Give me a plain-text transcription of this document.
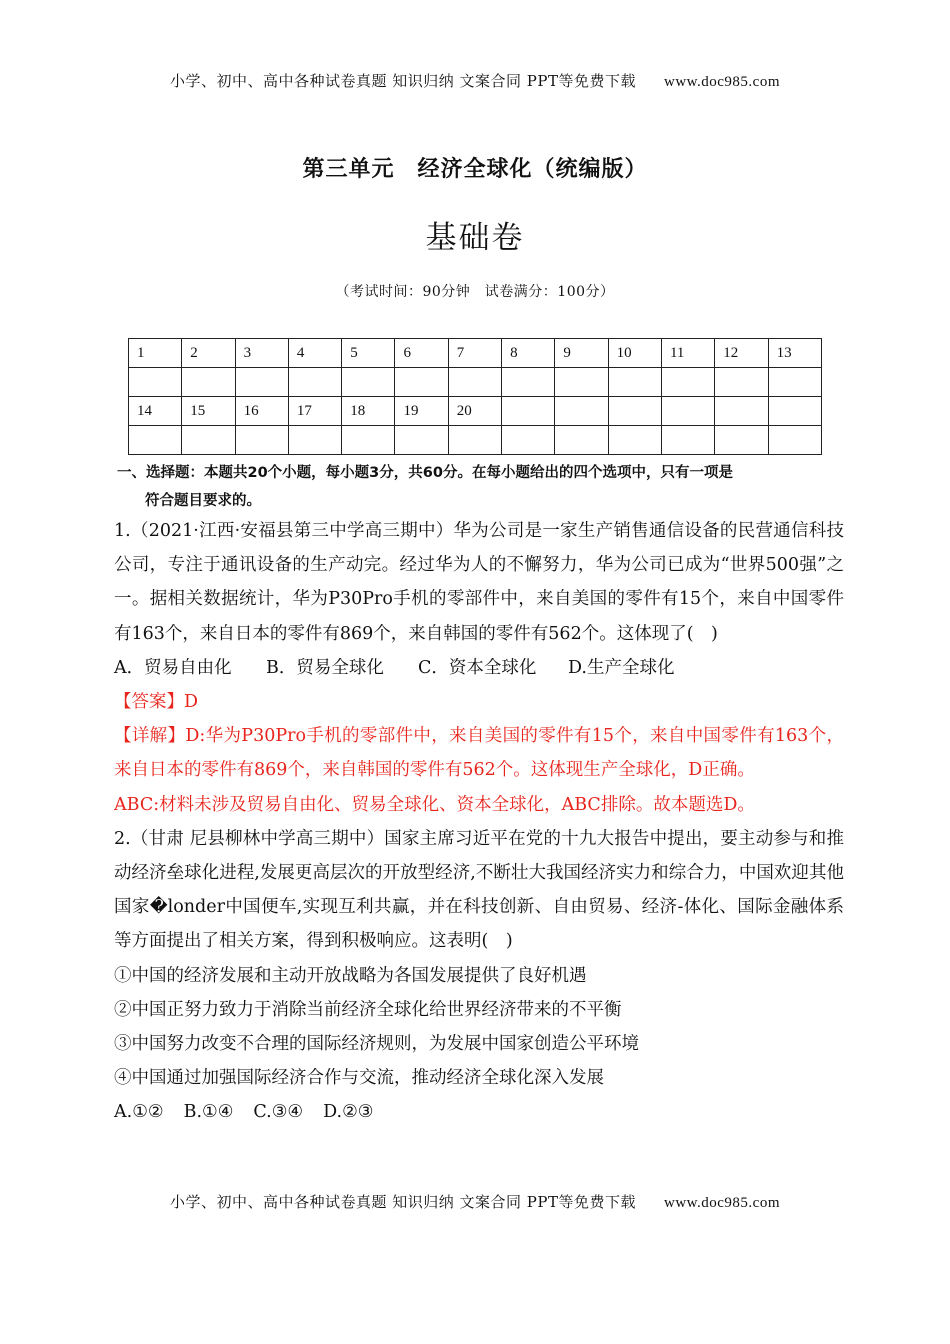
小学、初中、高中各种试卷真题 知识归纳 文案合同 PPT等免费下载 www.doc985.com
第三单元　经济全球化（统编版）
基础卷
（考试时间：90分钟　试卷满分：100分）
1	2	3	4	5	6	7	8	9	10	11	12	13

14	15	16	17	18	19	20						

一、选择题：本题共20个小题，每小题3分，共60分。在每小题给出的四个选项中，只有一项是
符合题目要求的。

1.（2021·江西·安福县第三中学高三期中）华为公司是一家生产销售通信设备的民营通信科技公司，专注于通讯设备的生产动完。经过华为人的不懈努力，华为公司已成为“世界500强”之一。据相关数据统计，华为P30Pro手机的零部件中，来自美国的零件有15个，来自中国零件有163个，来自日本的零件有869个，来自韩国的零件有562个。这体现了(　)

A．贸易自由化 B．贸易全球化 C．资本全球化 D.生产全球化

【答案】D

【详解】D:华为P30Pro手机的零部件中，来自美国的零件有15个，来自中国零件有163个，来自日本的零件有869个，来自韩国的零件有562个。这体现生产全球化，D正确。

ABC:材料未涉及贸易自由化、贸易全球化、资本全球化，ABC排除。故本题选D。

2.（甘肃 尼县柳林中学高三期中）国家主席习近平在党的十九大报告中提出，要主动参与和推动经济垒球化进程,发展更高层次的开放型经济,不断壮大我国经济实力和综合力，中国欢迎其他国家�londer中国便车,实现互利共赢，并在科技创新、自由贸易、经济-体化、国际金融体系等方面提出了相关方案，得到积极响应。这表明(　)

①中国的经济发展和主动开放战略为各国发展提供了良好机遇

②中国正努力致力于消除当前经济全球化给世界经济带来的不平衡

③中国努力改变不合理的国际经济规则，为发展中国家创造公平环境

④中国通过加强国际经济合作与交流，推动经济全球化深入发展

A.①② B.①④ C.③④ D.②③

小学、初中、高中各种试卷真题 知识归纳 文案合同 PPT等免费下载 www.doc985.com
